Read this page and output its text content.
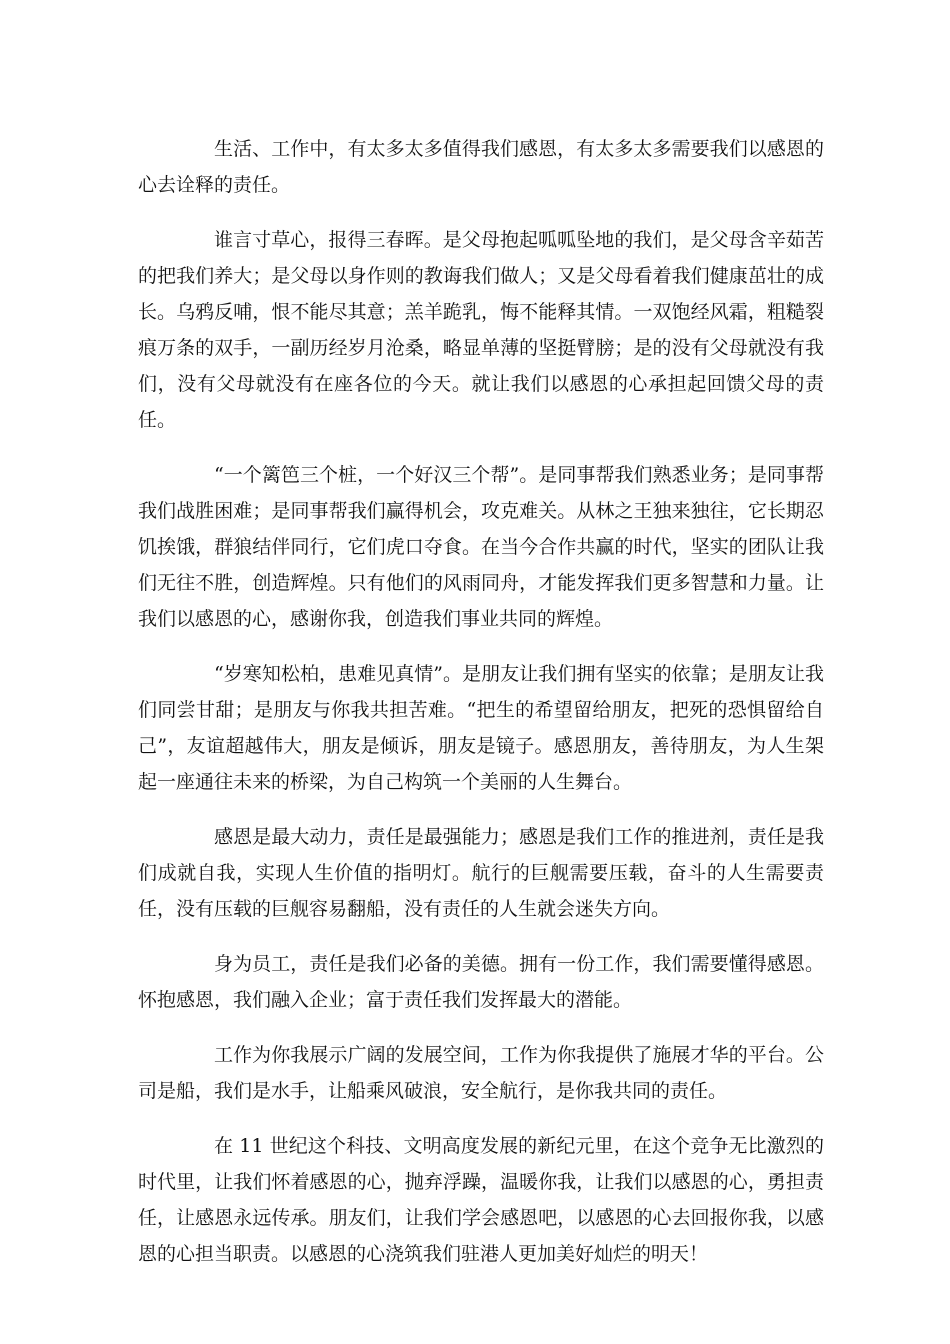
生活、工作中，有太多太多值得我们感恩，有太多太多需要我们以感恩的心去诠释的责任。

谁言寸草心，报得三春晖。是父母抱起呱呱坠地的我们，是父母含辛茹苦的把我们养大；是父母以身作则的教诲我们做人；又是父母看着我们健康茁壮的成长。乌鸦反哺，恨不能尽其意；羔羊跪乳，悔不能释其情。一双饱经风霜，粗糙裂痕万条的双手，一副历经岁月沧桑，略显单薄的坚挺臂膀；是的没有父母就没有我们，没有父母就没有在座各位的今天。就让我们以感恩的心承担起回馈父母的责任。

“一个篱笆三个桩，一个好汉三个帮”。是同事帮我们熟悉业务；是同事帮我们战胜困难；是同事帮我们赢得机会，攻克难关。从林之王独来独往，它长期忍饥挨饿，群狼结伴同行，它们虎口夺食。在当今合作共赢的时代，坚实的团队让我们无往不胜，创造辉煌。只有他们的风雨同舟，才能发挥我们更多智慧和力量。让我们以感恩的心，感谢你我，创造我们事业共同的辉煌。

“岁寒知松柏，患难见真情”。是朋友让我们拥有坚实的依靠；是朋友让我们同尝甘甜；是朋友与你我共担苦难。“把生的希望留给朋友，把死的恐惧留给自己”，友谊超越伟大，朋友是倾诉，朋友是镜子。感恩朋友，善待朋友，为人生架起一座通往未来的桥梁，为自己构筑一个美丽的人生舞台。

感恩是最大动力，责任是最强能力；感恩是我们工作的推进剂，责任是我们成就自我，实现人生价值的指明灯。航行的巨舰需要压载，奋斗的人生需要责任，没有压载的巨舰容易翻船，没有责任的人生就会迷失方向。

身为员工，责任是我们必备的美德。拥有一份工作，我们需要懂得感恩。怀抱感恩，我们融入企业；富于责任我们发挥最大的潜能。

工作为你我展示广阔的发展空间，工作为你我提供了施展才华的平台。公司是船，我们是水手，让船乘风破浪，安全航行，是你我共同的责任。

在 11 世纪这个科技、文明高度发展的新纪元里，在这个竞争无比激烈的时代里，让我们怀着感恩的心，抛弃浮躁，温暖你我，让我们以感恩的心，勇担责任，让感恩永远传承。朋友们，让我们学会感恩吧，以感恩的心去回报你我，以感恩的心担当职责。以感恩的心浇筑我们驻港人更加美好灿烂的明天！
